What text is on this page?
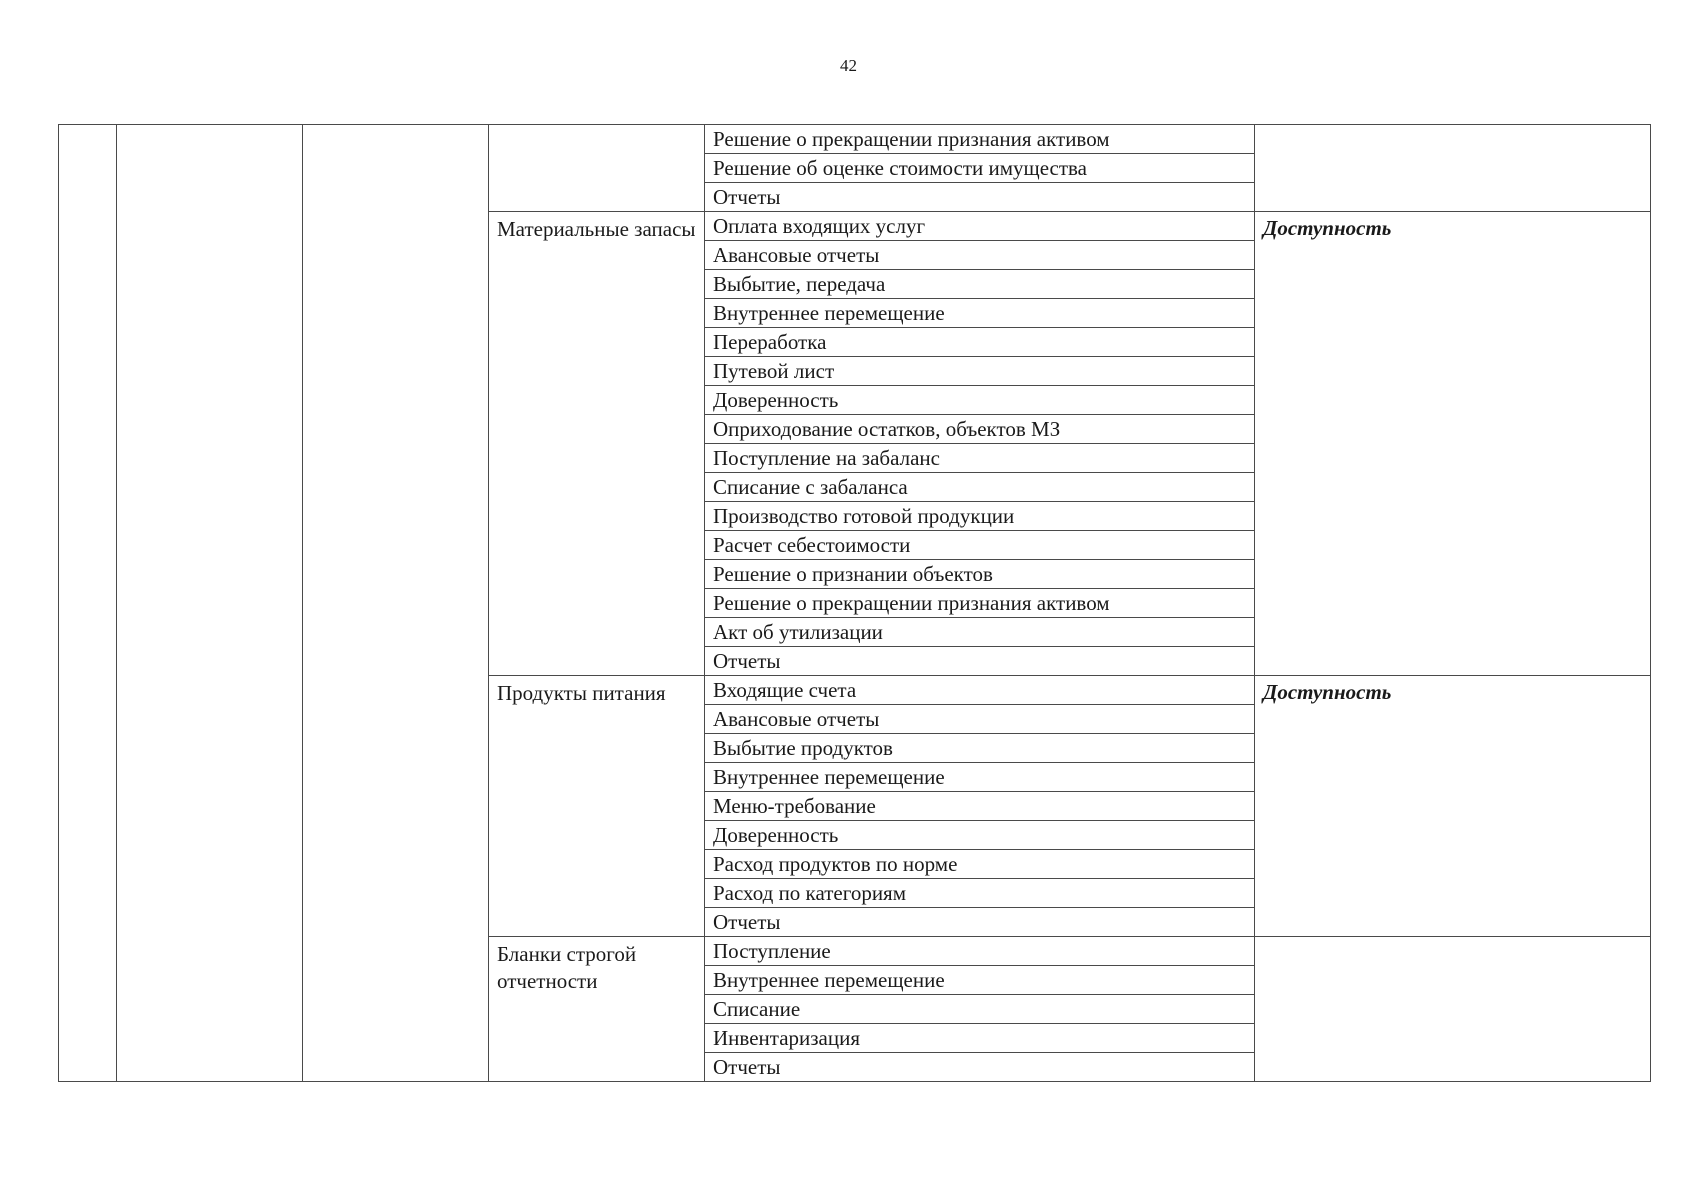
42
				Решение о прекращении признания активом	
				Решение об оценке стоимости имущества	
				Отчеты	
			Материальные запасы	Оплата входящих услуг	Доступность
				Авансовые отчеты	
				Выбытие, передача	
				Внутреннее перемещение	
				Переработка	
				Путевой лист	
				Доверенность	
				Оприходование остатков, объектов МЗ	
				Поступление на забаланс	
				Списание с забаланса	
				Производство готовой продукции	
				Расчет себестоимости	
				Решение о признании объектов	
				Решение о прекращении признания активом	
				Акт об утилизации	
				Отчеты	
			Продукты питания	Входящие счета	Доступность
				Авансовые отчеты	
				Выбытие продуктов	
				Внутреннее перемещение	
				Меню-требование	
				Доверенность	
				Расход продуктов по норме	
				Расход по категориям	
				Отчеты	
			Бланки строгой отчетности	Поступление	
				Внутреннее перемещение	
				Списание	
				Инвентаризация	
				Отчеты	
